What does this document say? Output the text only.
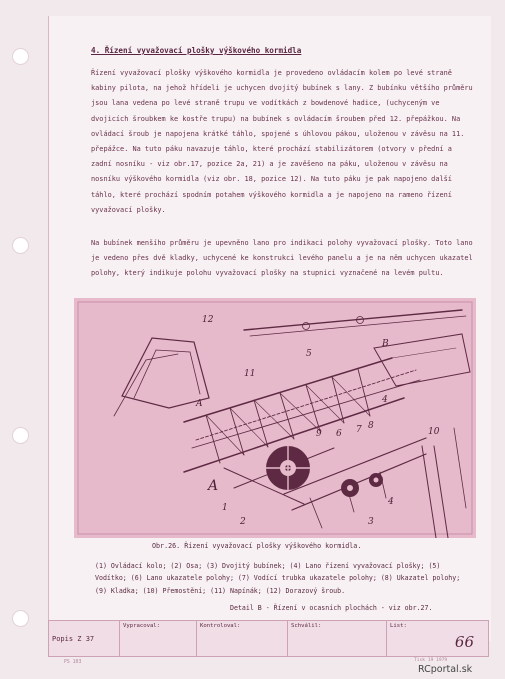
4. Řízení vyvažovací plošky výškového kormidla

Řízení vyvažovací plošky výškového kormidla je provedeno ovládacím kolem po levé straně kabiny pilota, na jehož hřídeli je uchycen dvojitý bubínek s lany. Z bubínku většího průměru jsou lana vedena po levé straně trupu ve vodítkách z bowdenové hadice, (uchyceným ve dvojicích šroubkem ke kostře trupu) na bubínek s ovládacím šroubem před 12. přepážkou. Na ovládací šroub je napojena krátké táhlo, spojené s úhlovou pákou, uloženou v závěsu na 11. přepážce. Na tuto páku navazuje táhlo, které prochází stabilizátorem (otvory v přední a zadní nosníku - viz obr.17, pozice 2a, 21) a je zavěšeno na páku, uloženou v závěsu na nosníku výškového kormidla (viz obr. 18, pozice 12). Na tuto páku je pak napojeno další táhlo, které prochází spodním potahem výškového kormidla a je napojeno na rameno řízení vyvažovací plošky.

Na bubínek menšího průměru je upevněno lano pro indikaci polohy vyvažovací plošky. Toto lano je vedeno přes dvě kladky, uchycené ke konstrukci levého panelu a je na něm uchycen ukazatel polohy, který indikuje polohu vyvažovací plošky na stupnici vyznačené na levém pultu.

12
5
B
11
A	4
7 8
6
9	10
A
1
2	3
4
Obr.26. Řízení vyvažovací plošky výškového kormidla.

(1) Ovládací kolo; (2) Osa; (3) Dvojitý bubínek; (4) Lano řízení vyvažovací plošky; (5) Vodítko; (6) Lano ukazatele polohy; (7) Vodící trubka ukazatele polohy; (8) Ukazatel polohy; (9) Kladka; (10) Přemostění; (11) Napínák; (12) Dorazový šroub.

Detail B - Řízení v ocasních plochách - viz obr.27.
Popis Z 37
Vypracoval:	Kontroloval:	Schválil:	List:
66
PS 103	Tisk 19 1979
RCportal.sk
